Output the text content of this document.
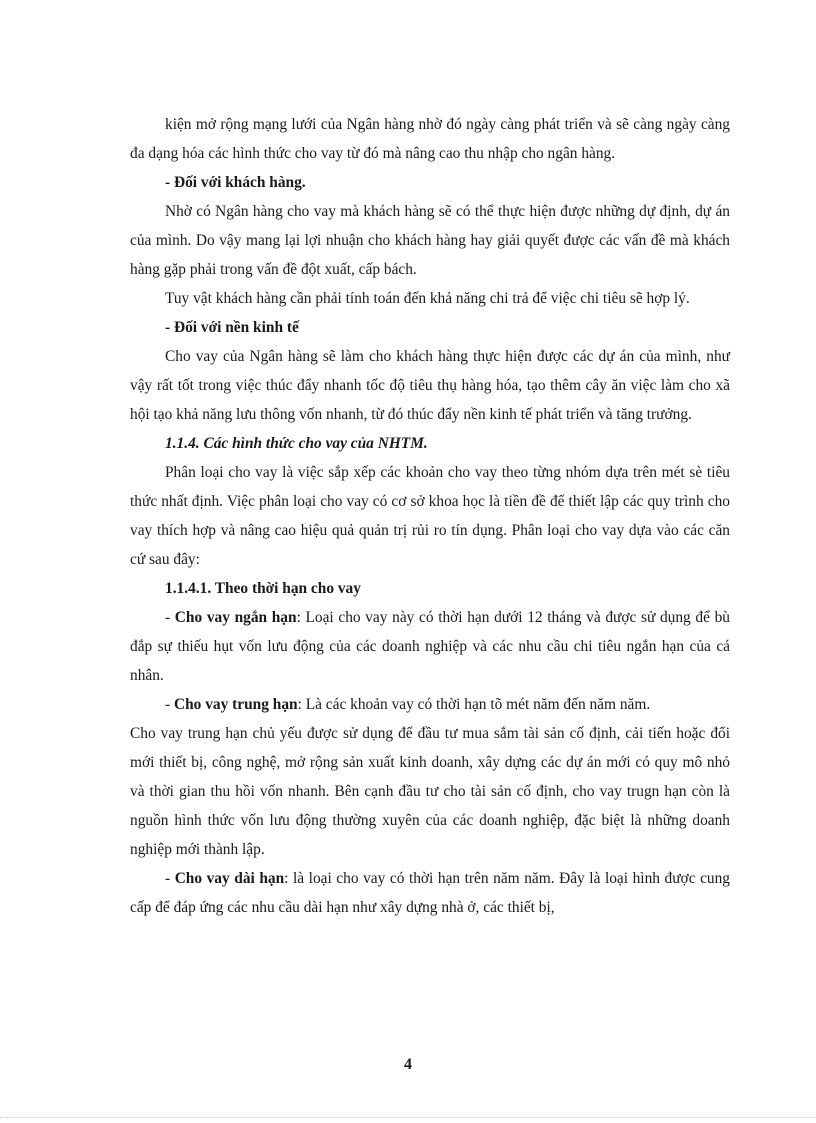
kiện mở rộng mạng lưới của Ngân hàng nhờ đó ngày càng phát triển và sẽ càng ngày càng đa dạng hóa các hình thức cho vay từ đó mà nâng cao thu nhập cho ngân hàng.

- Đối với khách hàng.

Nhờ có Ngân hàng cho vay mà khách hàng sẽ có thể thực hiện được những dự định, dự án của mình. Do vậy mang lại lợi nhuận cho khách hàng hay giải quyết được các vấn đề mà khách hàng gặp phải trong vấn đề đột xuất, cấp bách.

Tuy vật khách hàng cần phải tính toán đến khả năng chi trả để việc chi tiêu sẽ hợp lý.

- Đối với nền kinh tế

Cho vay của Ngân hàng sẽ làm cho khách hàng thực hiện được các dự án của mình, như vậy rất tốt trong việc thúc đẩy nhanh tốc độ tiêu thụ hàng hóa, tạo thêm cây ăn việc làm cho xã hội tạo khả năng lưu thông vốn nhanh, từ đó thúc đẩy nền kinh tế phát triển và tăng trưởng.

1.1.4. Các hình thức cho vay của NHTM.

Phân loại cho vay là việc sắp xếp các khoản cho vay theo từng nhóm dựa trên mét sè tiêu thức nhất định. Việc phân loại cho vay có cơ sở khoa học là tiền đề để thiết lập các quy trình cho vay thích hợp và nâng cao hiệu quả quản trị rủi ro tín dụng. Phân loại cho vay dựa vào các căn cứ sau đây:

1.1.4.1. Theo thời hạn cho vay

- Cho vay ngắn hạn: Loại cho vay này có thời hạn dưới 12 tháng và được sử dụng để bù đắp sự thiếu hụt vốn lưu động của các doanh nghiệp và các nhu cầu chi tiêu ngắn hạn của cá nhân.

- Cho vay trung hạn: Là các khoản vay có thời hạn tõ mét năm đến năm năm.

Cho vay trung hạn chủ yếu được sử dụng để đầu tư mua sắm tài sản cố định, cải tiến hoặc đổi mới thiết bị, công nghệ, mở rộng sản xuất kinh doanh, xây dựng các dự án mới có quy mô nhỏ và thời gian thu hồi vốn nhanh. Bên cạnh đầu tư cho tài sản cố định, cho vay trugn hạn còn là nguồn hình thức vốn lưu động thường xuyên của các doanh nghiệp, đặc biệt là những doanh nghiệp mới thành lập.

- Cho vay dài hạn: là loại cho vay có thời hạn trên năm năm. Đây là loại hình được cung cấp để đáp ứng các nhu cầu dài hạn như xây dựng nhà ở, các thiết bị,

4
